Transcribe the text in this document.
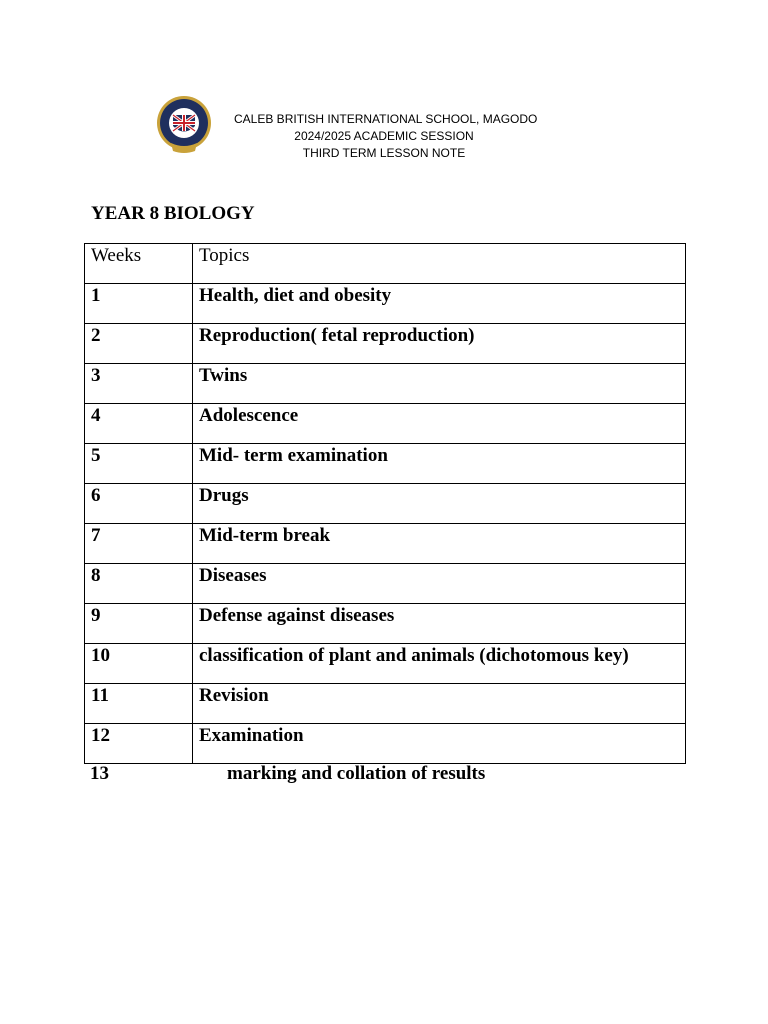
CALEB BRITISH INTERNATIONAL SCHOOL, MAGODO
2024/2025 ACADEMIC SESSION
THIRD TERM LESSON NOTE
YEAR 8 BIOLOGY
Weeks	Topics
1	Health, diet and obesity
2	Reproduction( fetal reproduction)
3	Twins
4	Adolescence
5	Mid- term examination
6	Drugs
7	Mid-term break
8	Diseases
9	Defense against diseases
10	classification of plant and animals (dichotomous key)
11	Revision
12	Examination
13	marking and collation of results
